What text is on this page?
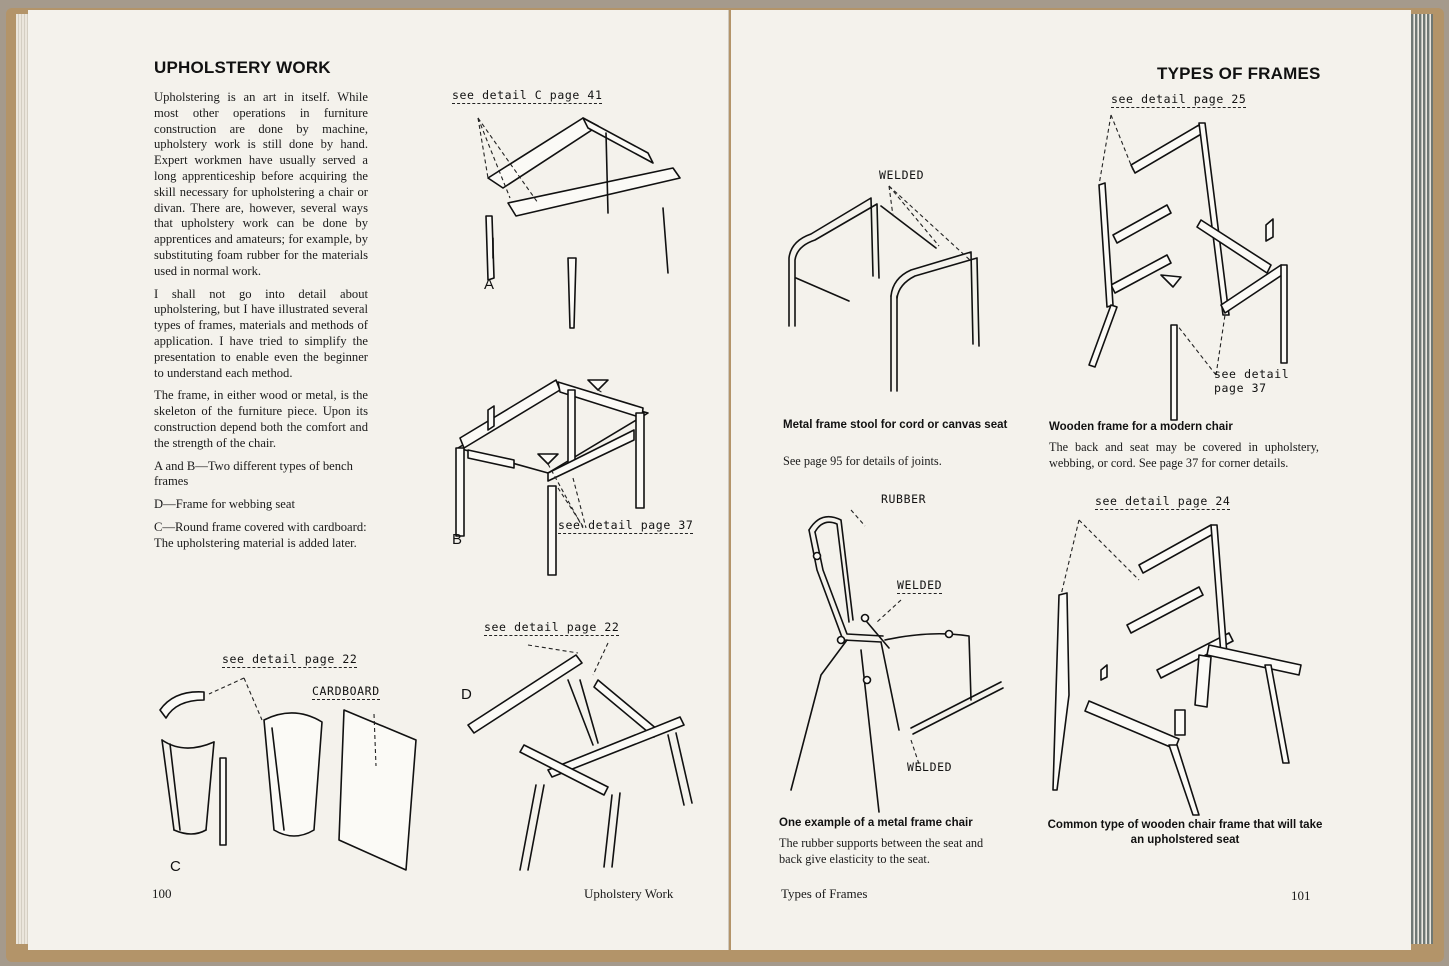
UPHOLSTERY WORK

Upholstering is an art in itself. While most other operations in furniture construction are done by machine, upholstery work is still done by hand. Expert workmen have usually served a long apprenticeship before acquiring the skill necessary for upholstering a chair or divan. There are, however, several ways that upholstery work can be done by apprentices and amateurs; for example, by substituting foam rubber for the materials used in normal work.

I shall not go into detail about upholstering, but I have illustrated several types of frames, materials and methods of application. I have tried to simplify the presentation to enable even the beginner to understand each method.

The frame, in either wood or metal, is the skeleton of the furniture piece. Upon its construction depend both the comfort and the strength of the chair.

A and B—Two different types of bench frames

D—Frame for webbing seat

C—Round frame covered with cardboard: The upholstering material is added later.

see detail C page 41
A
see detail page 37
B
see detail page 22
D
see detail page 22
CARDBOARD
C
100	Upholstery Work
TYPES OF FRAMES
WELDED
Metal frame stool for cord or canvas seat
See page 95 for details of joints.
see detail page 25
see detail
page 37
Wooden frame for a modern chair
The back and seat may be covered in upholstery, webbing, or cord. See page 37 for corner details.
RUBBER
WELDED
WELDED
One example of a metal frame chair
The rubber supports between the seat and back give elasticity to the seat.
see detail page 24
Common type of wooden chair frame that will take an upholstered seat
Types of Frames	101
